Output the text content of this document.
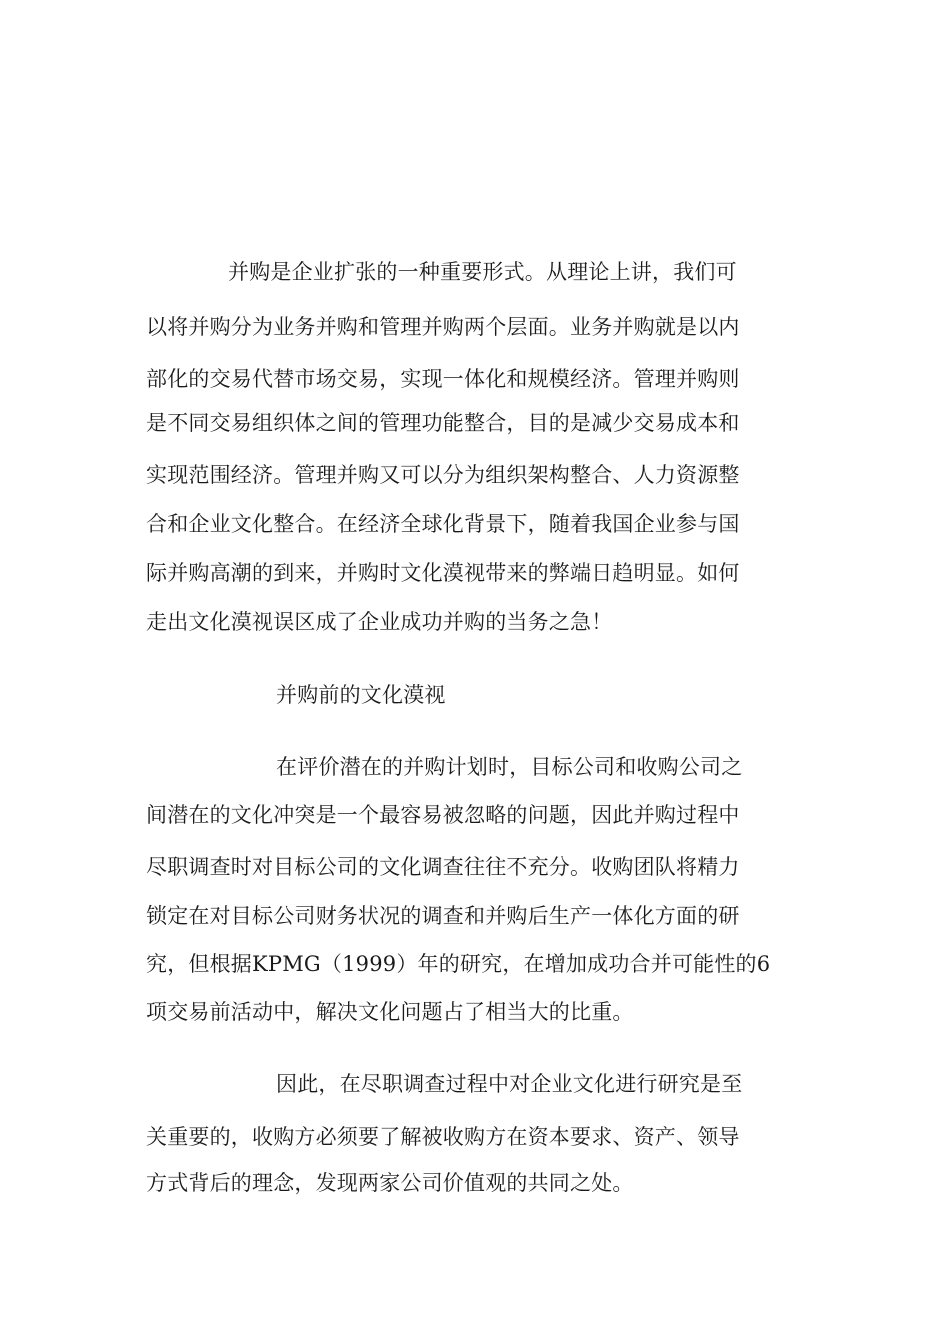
并购是企业扩张的一种重要形式。从理论上讲，我们可
以将并购分为业务并购和管理并购两个层面。业务并购就是以内
部化的交易代替市场交易，实现一体化和规模经济。管理并购则
是不同交易组织体之间的管理功能整合，目的是减少交易成本和
实现范围经济。管理并购又可以分为组织架构整合、人力资源整
合和企业文化整合。在经济全球化背景下，随着我国企业参与国
际并购高潮的到来，并购时文化漠视带来的弊端日趋明显。如何
走出文化漠视误区成了企业成功并购的当务之急！
并购前的文化漠视
在评价潜在的并购计划时，目标公司和收购公司之
间潜在的文化冲突是一个最容易被忽略的问题，因此并购过程中
尽职调查时对目标公司的文化调查往往不充分。收购团队将精力
锁定在对目标公司财务状况的调查和并购后生产一体化方面的研
究，但根据KPMG（1999）年的研究，在增加成功合并可能性的6
项交易前活动中，解决文化问题占了相当大的比重。
因此，在尽职调查过程中对企业文化进行研究是至
关重要的，收购方必须要了解被收购方在资本要求、资产、领导
方式背后的理念，发现两家公司价值观的共同之处。
